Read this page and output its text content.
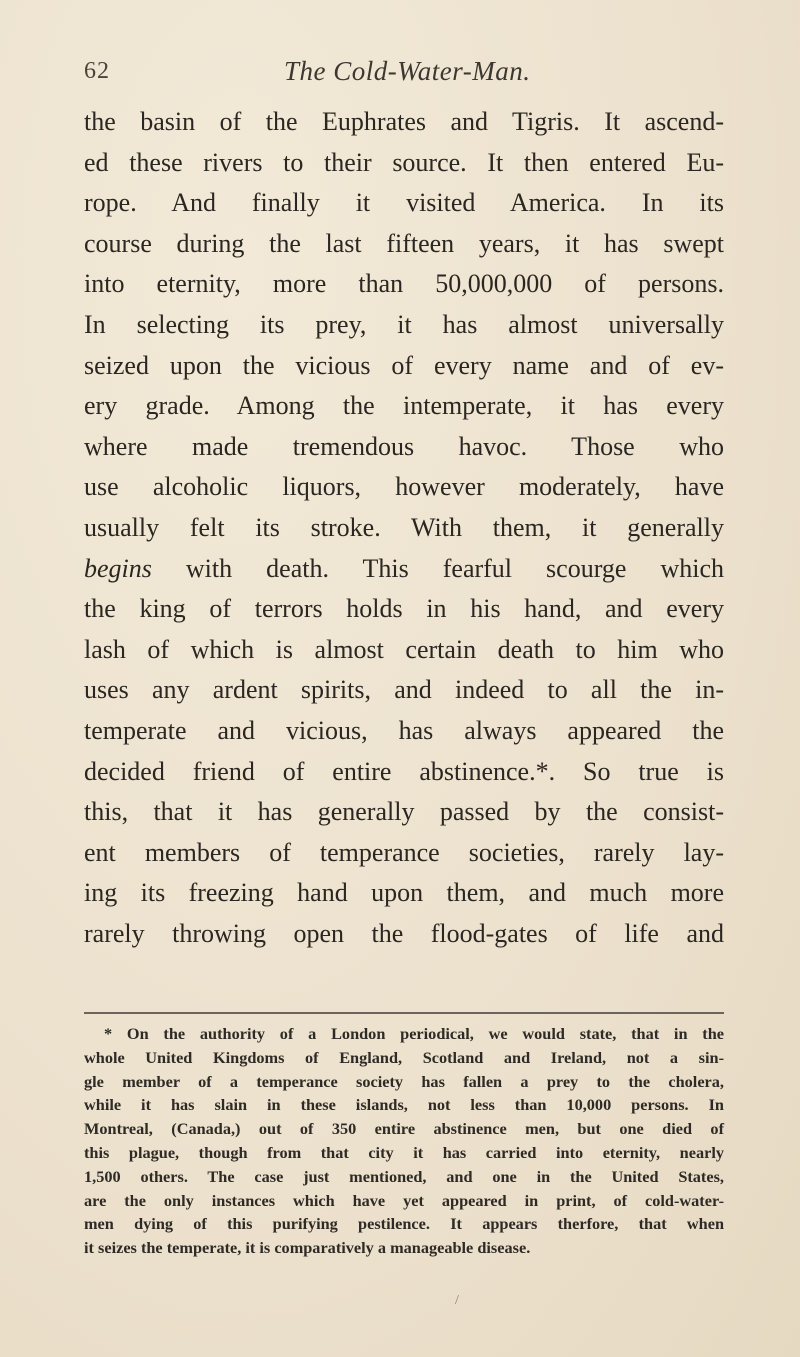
62	The Cold-Water-Man.
the basin of the Euphrates and Tigris. It ascend-
ed these rivers to their source. It then entered Eu-
rope. And finally it visited America. In its
course during the last fifteen years, it has swept
into eternity, more than 50,000,000 of persons.
In selecting its prey, it has almost universally
seized upon the vicious of every name and of ev-
ery grade. Among the intemperate, it has every
where made tremendous havoc. Those who
use alcoholic liquors, however moderately, have
usually felt its stroke. With them, it generally
begins with death. This fearful scourge which
the king of terrors holds in his hand, and every
lash of which is almost certain death to him who
uses any ardent spirits, and indeed to all the in-
temperate and vicious, has always appeared the
decided friend of entire abstinence.*. So true is
this, that it has generally passed by the consist-
ent members of temperance societies, rarely lay-
ing its freezing hand upon them, and much more
rarely throwing open the flood-gates of life and
* On the authority of a London periodical, we would state, that in the
whole United Kingdoms of England, Scotland and Ireland, not a sin-
gle member of a temperance society has fallen a prey to the cholera,
while it has slain in these islands, not less than 10,000 persons. In
Montreal, (Canada,) out of 350 entire abstinence men, but one died of
this plague, though from that city it has carried into eternity, nearly
1,500 others. The case just mentioned, and one in the United States,
are the only instances which have yet appeared in print, of cold-water-
men dying of this purifying pestilence. It appears therfore, that when
it seizes the temperate, it is comparatively a manageable disease.
/
